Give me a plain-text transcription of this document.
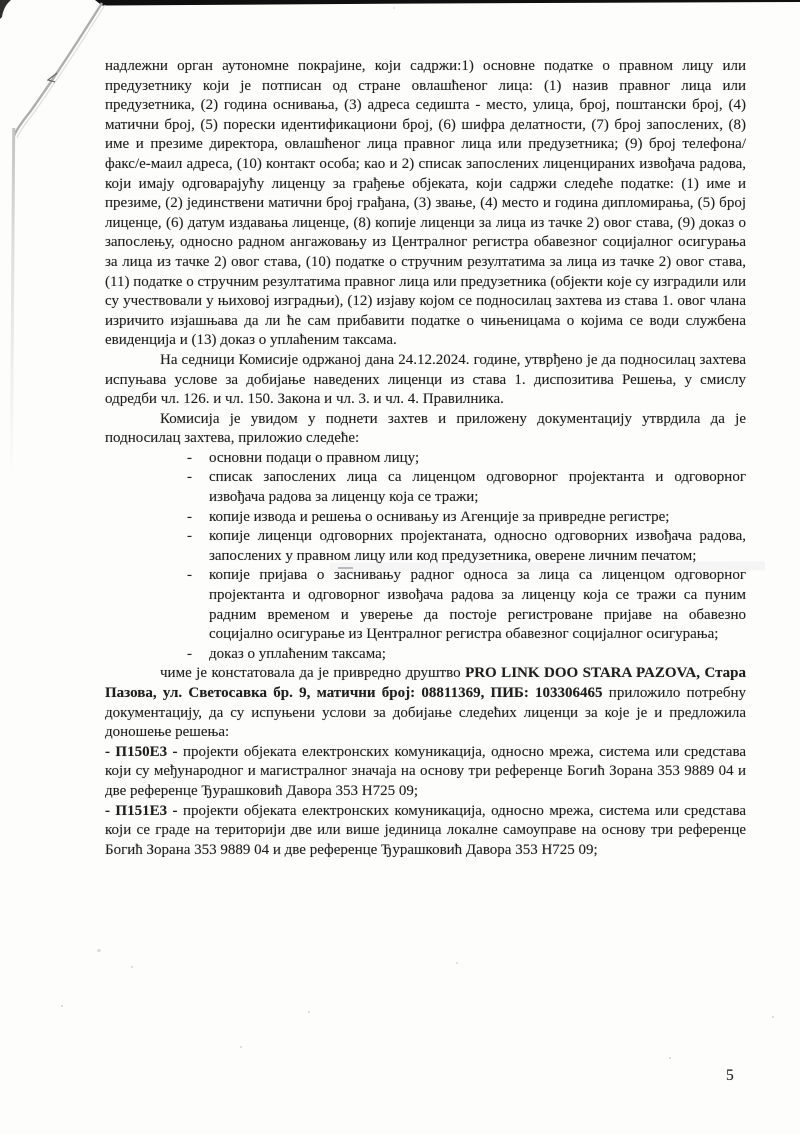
надлежни орган аутономне покрајине, који садржи:1) основне податке о правном лицу или предузетнику који је потписан од стране овлашћеног лица: (1) назив правног лица или предузетника, (2) година оснивања, (3) адреса седишта - место, улица, број, поштански број, (4) матични број, (5) порески идентификациони број, (6) шифра делатности, (7) број запослених, (8) име и презиме директора, овлашћеног лица правног лица или предузетника; (9) број телефона/факс/е-маил адреса, (10) контакт особа; као и 2) списак запослених лиценцираних извођача радова, који имају одговарајућу лиценцу за грађење објеката, који садржи следеће податке: (1) име и презиме, (2) јединствени матични број грађана, (3) звање, (4) место и година дипломирања, (5) број лиценце, (6) датум издавања лиценце, (8) копије лиценци за лица из тачке 2) овог става, (9) доказ о запослењу, односно радном ангажовању из Централног регистра обавезног социјалног осигурања за лица из тачке 2) овог става, (10) податке о стручним резултатима за лица из тачке 2) овог става, (11) податке о стручним резултатима правног лица или предузетника (објекти које су изградили или су учествовали у њиховој изградњи), (12) изјаву којом се подносилац захтева из става 1. овог члана изричито изјашњава да ли ће сам прибавити податке о чињеницама о којима се води службена евиденција и (13) доказ о уплаћеним таксама.

На седници Комисије одржаној дана 24.12.2024. године, утврђено је да подносилац захтева испуњава услове за добијање наведених лиценци из става 1. диспозитива Решења, у смислу одредби чл. 126. и чл. 150. Закона и чл. 3. и чл. 4. Правилника.

Комисија је увидом у поднети захтев и приложену документацију утврдила да је подносилац захтева, приложио следеће:

-	основни подаци о правном лицу;
-	списак запослених лица са лиценцом одговорног пројектанта и одговорног извођача радова за лиценцу која се тражи;
-	копије извода и решења о оснивању из Агенције за привредне регистре;
-	копије лиценци одговорних пројектаната, односно одговорних извођача радова, запослених у правном лицу или код предузетника, оверене личним печатом;
-	копије пријава о заснивању радног односа за лица са лиценцом одговорног пројектанта и одговорног извођача радова за лиценцу која се тражи са пуним радним временом и уверење да постоје регистроване пријаве на обавезно социјално осигурање из Централног регистра обавезног социјалног осигурања;
-	доказ о уплаћеним таксама;

чиме је констатовала да је привредно друштво PRO LINK DOO STARA PAZOVA, Стара Пазова, ул. Светосавка бр. 9, матични број: 08811369, ПИБ: 103306465 приложило потребну документацију, да су испуњени услови за добијање следећих лиценци за које је и предложила доношење решења:

- П150Е3 - пројекти објеката електронских комуникација, односно мрежа, система или средстава који су међународног и магистралног значаја на основу три референце Богић Зорана 353 9889 04 и две референце Ђурашковић Давора 353 Н725 09;

- П151Е3 - пројекти објеката електронских комуникација, односно мрежа, система или средстава који се граде на територији две или више јединица локалне самоуправе на основу три референце Богић Зорана 353 9889 04 и две референце Ђурашковић Давора 353 Н725 09;

5
